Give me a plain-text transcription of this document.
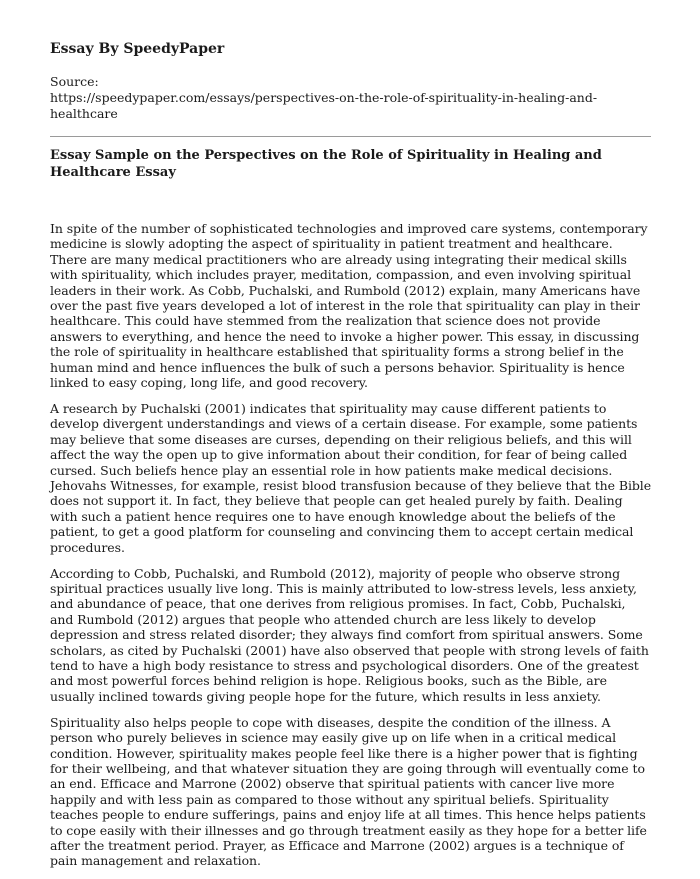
Essay By SpeedyPaper

Source:

https://speedypaper.com/essays/perspectives-on-the-role-of-spirituality-in-healing-and-healthcare

Essay Sample on the Perspectives on the Role of Spirituality in Healing and Healthcare Essay

In spite of the number of sophisticated technologies and improved care systems, contemporary medicine is slowly adopting the aspect of spirituality in patient treatment and healthcare. There are many medical practitioners who are already using integrating their medical skills with spirituality, which includes prayer, meditation, compassion, and even involving spiritual leaders in their work. As Cobb, Puchalski, and Rumbold (2012) explain, many Americans have over the past five years developed a lot of interest in the role that spirituality can play in their healthcare. This could have stemmed from the realization that science does not provide answers to everything, and hence the need to invoke a higher power. This essay, in discussing the role of spirituality in healthcare established that spirituality forms a strong belief in the human mind and hence influences the bulk of such a persons behavior. Spirituality is hence linked to easy coping, long life, and good recovery.

A research by Puchalski (2001) indicates that spirituality may cause different patients to develop divergent understandings and views of a certain disease. For example, some patients may believe that some diseases are curses, depending on their religious beliefs, and this will affect the way the open up to give information about their condition, for fear of being called cursed. Such beliefs hence play an essential role in how patients make medical decisions. Jehovahs Witnesses, for example, resist blood transfusion because of they believe that the Bible does not support it. In fact, they believe that people can get healed purely by faith. Dealing with such a patient hence requires one to have enough knowledge about the beliefs of the patient, to get a good platform for counseling and convincing them to accept certain medical procedures.

According to Cobb, Puchalski, and Rumbold (2012), majority of people who observe strong spiritual practices usually live long. This is mainly attributed to low-stress levels, less anxiety, and abundance of peace, that one derives from religious promises. In fact, Cobb, Puchalski, and Rumbold (2012) argues that people who attended church are less likely to develop depression and stress related disorder; they always find comfort from spiritual answers. Some scholars, as cited by Puchalski (2001) have also observed that people with strong levels of faith tend to have a high body resistance to stress and psychological disorders. One of the greatest and most powerful forces behind religion is hope. Religious books, such as the Bible, are usually inclined towards giving people hope for the future, which results in less anxiety.

Spirituality also helps people to cope with diseases, despite the condition of the illness. A person who purely believes in science may easily give up on life when in a critical medical condition. However, spirituality makes people feel like there is a higher power that is fighting for their wellbeing, and that whatever situation they are going through will eventually come to an end. Efficace and Marrone (2002) observe that spiritual patients with cancer live more happily and with less pain as compared to those without any spiritual beliefs. Spirituality teaches people to endure sufferings, pains and enjoy life at all times. This hence helps patients to cope easily with their illnesses and go through treatment easily as they hope for a better life after the treatment period. Prayer, as Efficace and Marrone (2002) argues is a technique of pain management and relaxation.
